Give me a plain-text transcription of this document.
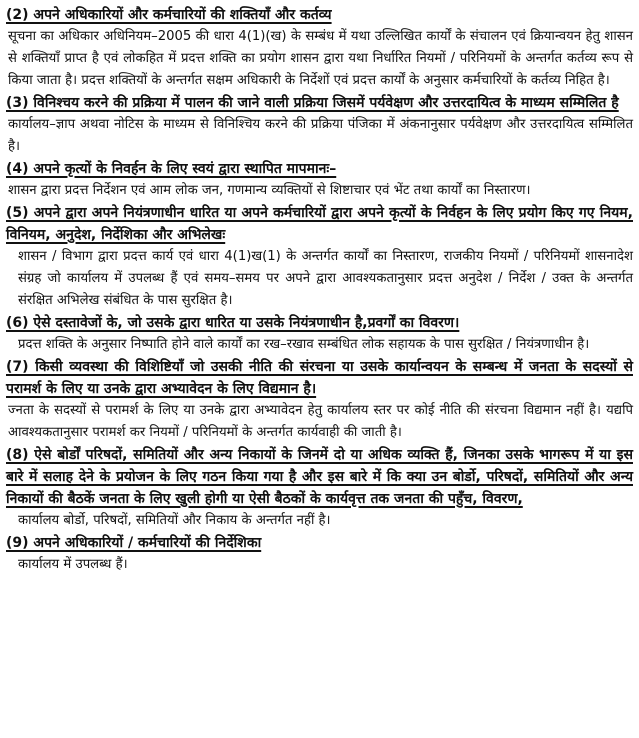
(2) अपने अधिकारियों और कर्मचारियों की शक्तियाँ और कर्तव्य

सूचना का अधिकार अधिनियम–2005 की धारा 4(1)(ख) के सम्बंध में यथा उल्लिखित कार्यों के संचालन एवं क्रियान्वयन हेतु शासन से शक्तियाँ प्राप्त है एवं लोकहित में प्रदत्त शक्ति का प्रयोग शासन द्वारा यथा निर्धारित नियमों / परिनियमों के अन्तर्गत कर्तव्य रूप से किया जाता है। प्रदत्त शक्तियों के अन्तर्गत सक्षम अधिकारी के निर्देशों एवं प्रदत्त कार्यों के अनुसार कर्मचारियों के कर्तव्य निहित है।

(3) विनिश्चय करने की प्रक्रिया में पालन की जाने वाली प्रक्रिया जिसमें पर्यवेक्षण और उत्तरदायित्व के माध्यम सम्मिलित है

कार्यालय–ज्ञाप अथवा नोटिस के माध्यम से विनिश्चिय करने की प्रक्रिया पंजिका में अंकनानुसार पर्यवेक्षण और उत्तरदायित्व सम्मिलित है।

(4) अपने कृत्यों के निवर्हन के लिए स्वयं द्वारा स्थापित मापमानः–

शासन द्वारा प्रदत्त निर्देशन एवं आम लोक जन, गणमान्य व्यक्तियों से शिष्टाचार एवं भेंट तथा कार्यों का निस्तारण।

(5) अपने द्वारा अपने नियंत्रणाधीन धारित या अपने कर्मचारियों द्वारा अपने कृत्यों के निर्वहन के लिए प्रयोग किए गए नियम, विनियम, अनुदेश, निर्देशिका और अभिलेखः

शासन / विभाग द्वारा प्रदत्त कार्य एवं धारा 4(1)ख(1) के अन्तर्गत कार्यों का निस्तारण, राजकीय नियमों / परिनियमों शासनादेश संग्रह जो कार्यालय में उपलब्ध हैं एवं समय–समय पर अपने द्वारा आवश्यकतानुसार प्रदत्त अनुदेश / निर्देश / उक्त के अन्तर्गत संरक्षित अभिलेख संबंधित के पास सुरक्षित है।

(6) ऐसे दस्तावेजों के, जो उसके द्वारा धारित या उसके नियंत्रणाधीन है,प्रवर्गों का विवरण।

प्रदत्त शक्ति के अनुसार निष्पाति होने वाले कार्यों का रख–रखाव सम्बंधित लोक सहायक के पास सुरक्षित / नियंत्रणाधीन है।

(7) किसी व्यवस्था की विशिष्टियाँ जो उसकी नीति की संरचना या उसके कार्यान्वयन के सम्बन्ध में जनता के सदस्यों से परामर्श के लिए या उनके द्वारा अभ्यावेदन के लिए विद्यमान है।

ज्नता के सदस्यों से परामर्श के लिए या उनके द्वारा अभ्यावेदन हेतु कार्यालय स्तर पर कोई नीति की संरचना विद्यमान नहीं है। यद्यपि आवश्यकतानुसार परामर्श कर नियमों / परिनियमों के अन्तर्गत कार्यवाही की जाती है।

(8) ऐसे बोर्डों परिषदों, समितियों और अन्य निकायों के जिनमें दो या अधिक व्यक्ति हैं, जिनका उसके भागरूप में या इस बारे में सलाह देने के प्रयोजन के लिए गठन किया गया है और इस बारे में कि क्या उन बोर्डो, परिषदों, समितियों और अन्य निकायों की बैठकें जनता के लिए खुली होगी या ऐसी बैठकों के कार्यवृत्त तक जनता की पहुँच, विवरण,

कार्यालय बोर्डो, परिषदों, समितियों और निकाय के अन्तर्गत नहीं है।

(9) अपने अधिकारियों / कर्मचारियों की निर्देशिका

कार्यालय में उपलब्ध हैं।
